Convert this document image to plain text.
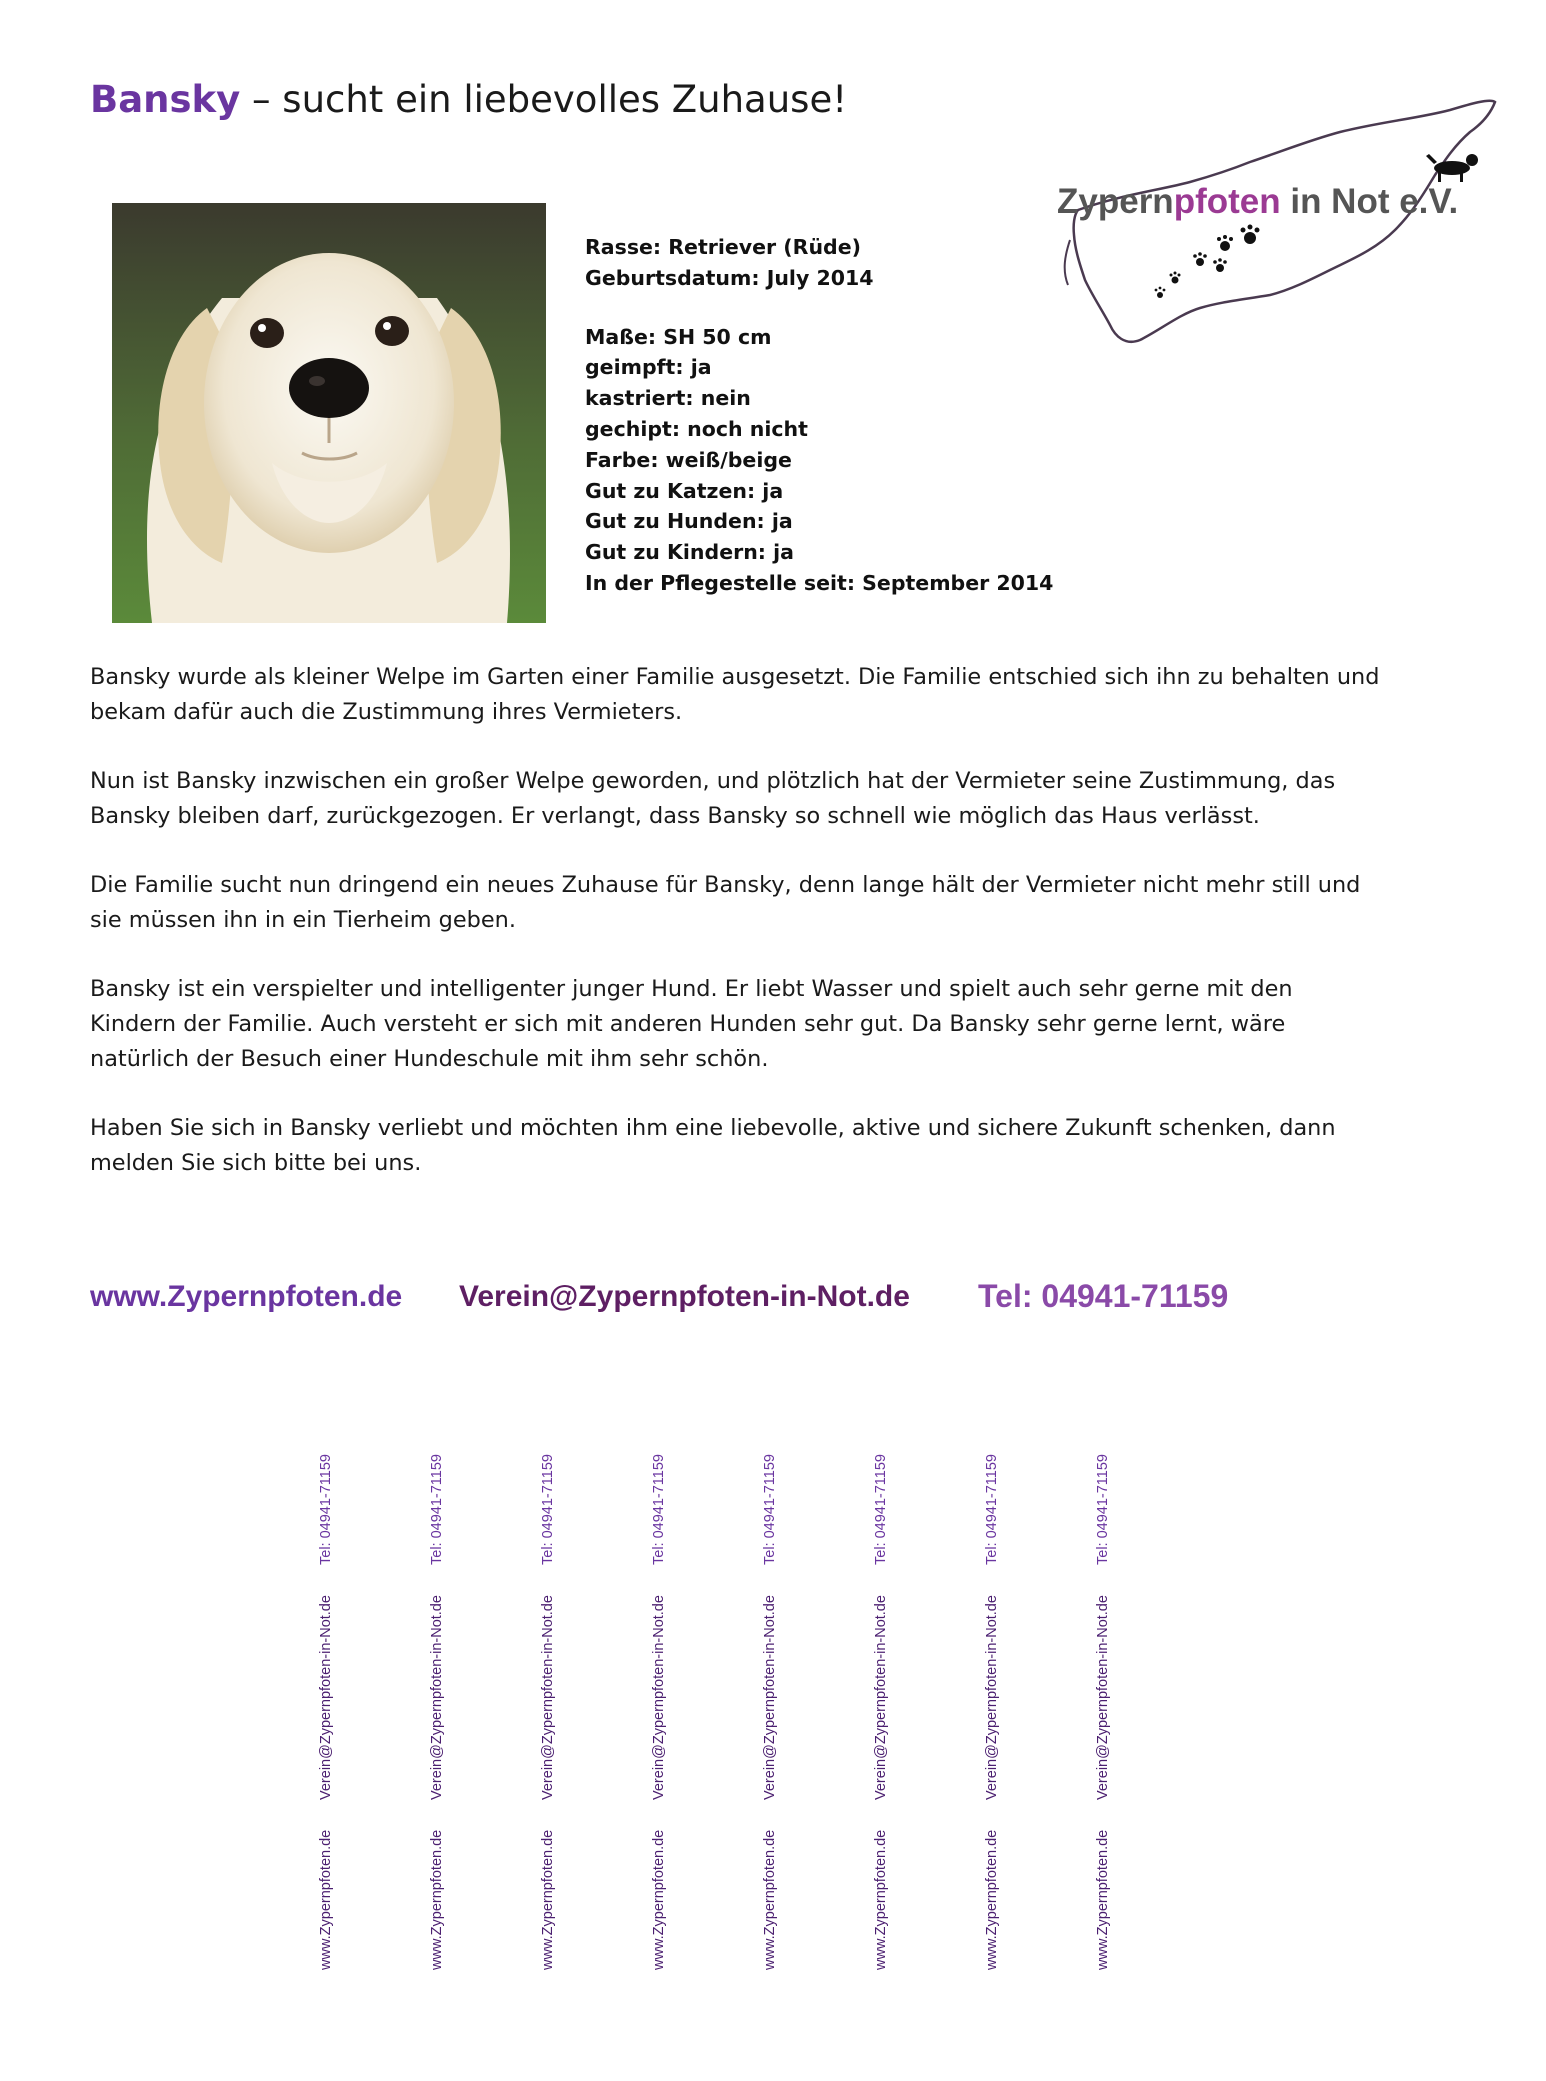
Bansky – sucht ein liebevolles Zuhause!
Zypernpfoten in Not e.V.
Rasse: Retriever (Rüde)
Geburtsdatum: July 2014
Maße: SH 50 cm
geimpft: ja
kastriert: nein
gechipt: noch nicht
Farbe: weiß/beige
Gut zu Katzen: ja
Gut zu Hunden: ja
Gut zu Kindern: ja
In der Pflegestelle seit: September 2014

Bansky wurde als kleiner Welpe im Garten einer Familie ausgesetzt. Die Familie entschied sich ihn zu behalten und bekam dafür auch die Zustimmung ihres Vermieters.

Nun ist Bansky inzwischen ein großer Welpe geworden, und plötzlich hat der Vermieter seine Zustimmung, das Bansky bleiben darf, zurückgezogen. Er verlangt, dass Bansky so schnell wie möglich das Haus verlässt.

Die Familie sucht nun dringend ein neues Zuhause für Bansky, denn lange hält der Vermieter nicht mehr still und sie müssen ihn in ein Tierheim geben.

Bansky ist ein verspielter und intelligenter junger Hund. Er liebt Wasser und spielt auch sehr gerne mit den Kindern der Familie. Auch versteht er sich mit anderen Hunden sehr gut. Da Bansky sehr gerne lernt, wäre natürlich der Besuch einer Hundeschule mit ihm sehr schön.

Haben Sie sich in Bansky verliebt und möchten ihm eine liebevolle, aktive und sichere Zukunft schenken, dann melden Sie sich bitte bei uns.

www.Zypernpfoten.de Verein@Zypernpfoten-in-Not.de Tel: 04941-71159
Tel: 04941-71159
Verein@Zypernpfoten-in-Not.de
www.Zypernpfoten.de
Tel: 04941-71159
Verein@Zypernpfoten-in-Not.de
www.Zypernpfoten.de
Tel: 04941-71159
Verein@Zypernpfoten-in-Not.de
www.Zypernpfoten.de
Tel: 04941-71159
Verein@Zypernpfoten-in-Not.de
www.Zypernpfoten.de
Tel: 04941-71159
Verein@Zypernpfoten-in-Not.de
www.Zypernpfoten.de
Tel: 04941-71159
Verein@Zypernpfoten-in-Not.de
www.Zypernpfoten.de
Tel: 04941-71159
Verein@Zypernpfoten-in-Not.de
www.Zypernpfoten.de
Tel: 04941-71159
Verein@Zypernpfoten-in-Not.de
www.Zypernpfoten.de
